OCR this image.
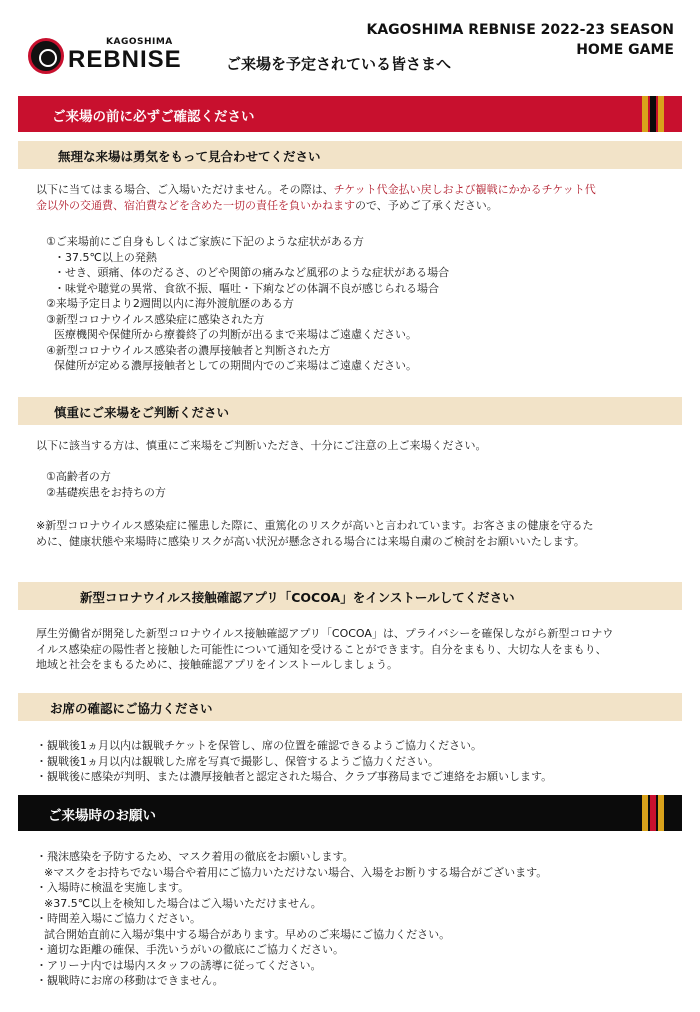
KAGOSHIMA
REBNISE
KAGOSHIMA REBNISE 2022-23 SEASON
HOME GAME
ご来場を予定されている皆さまへ
ご来場の前に必ずご確認ください
無理な来場は勇気をもって見合わせてください
以下に当てはまる場合、ご入場いただけません。その際は、チケット代金払い戻しおよび観戦にかかるチケット代
金以外の交通費、宿泊費などを含めた一切の責任を負いかねますので、予めご了承ください。
①ご来場前にご自身もしくはご家族に下記のような症状がある方
・37.5℃以上の発熱
・せき、頭痛、体のだるさ、のどや関節の痛みなど風邪のような症状がある場合
・味覚や聴覚の異常、食欲不振、嘔吐・下痢などの体調不良が感じられる場合
②来場予定日より2週間以内に海外渡航歴のある方
③新型コロナウイルス感染症に感染された方
医療機関や保健所から療養終了の判断が出るまで来場はご遠慮ください。
④新型コロナウイルス感染者の濃厚接触者と判断された方
保健所が定める濃厚接触者としての期間内でのご来場はご遠慮ください。
慎重にご来場をご判断ください
以下に該当する方は、慎重にご来場をご判断いただき、十分にご注意の上ご来場ください。
①高齢者の方
②基礎疾患をお持ちの方
※新型コロナウイルス感染症に罹患した際に、重篤化のリスクが高いと言われています。お客さまの健康を守るた
めに、健康状態や来場時に感染リスクが高い状況が懸念される場合には来場自粛のご検討をお願いいたします。
新型コロナウイルス接触確認アプリ「COCOA」をインストールしてください
厚生労働省が開発した新型コロナウイルス接触確認アプリ「COCOA」は、プライバシーを確保しながら新型コロナウ
イルス感染症の陽性者と接触した可能性について通知を受けることができます。自分をまもり、大切な人をまもり、
地域と社会をまもるために、接触確認アプリをインストールしましょう。
お席の確認にご協力ください
・観戦後1ヵ月以内は観戦チケットを保管し、席の位置を確認できるようご協力ください。
・観戦後1ヵ月以内は観戦した席を写真で撮影し、保管するようご協力ください。
・観戦後に感染が判明、または濃厚接触者と認定された場合、クラブ事務局までご連絡をお願いします。
ご来場時のお願い
・飛沫感染を予防するため、マスク着用の徹底をお願いします。
※マスクをお持ちでない場合や着用にご協力いただけない場合、入場をお断りする場合がございます。
・入場時に検温を実施します。
※37.5℃以上を検知した場合はご入場いただけません。
・時間差入場にご協力ください。
試合開始直前に入場が集中する場合があります。早めのご来場にご協力ください。
・適切な距離の確保、手洗いうがいの徹底にご協力ください。
・アリーナ内では場内スタッフの誘導に従ってください。
・観戦時にお席の移動はできません。
